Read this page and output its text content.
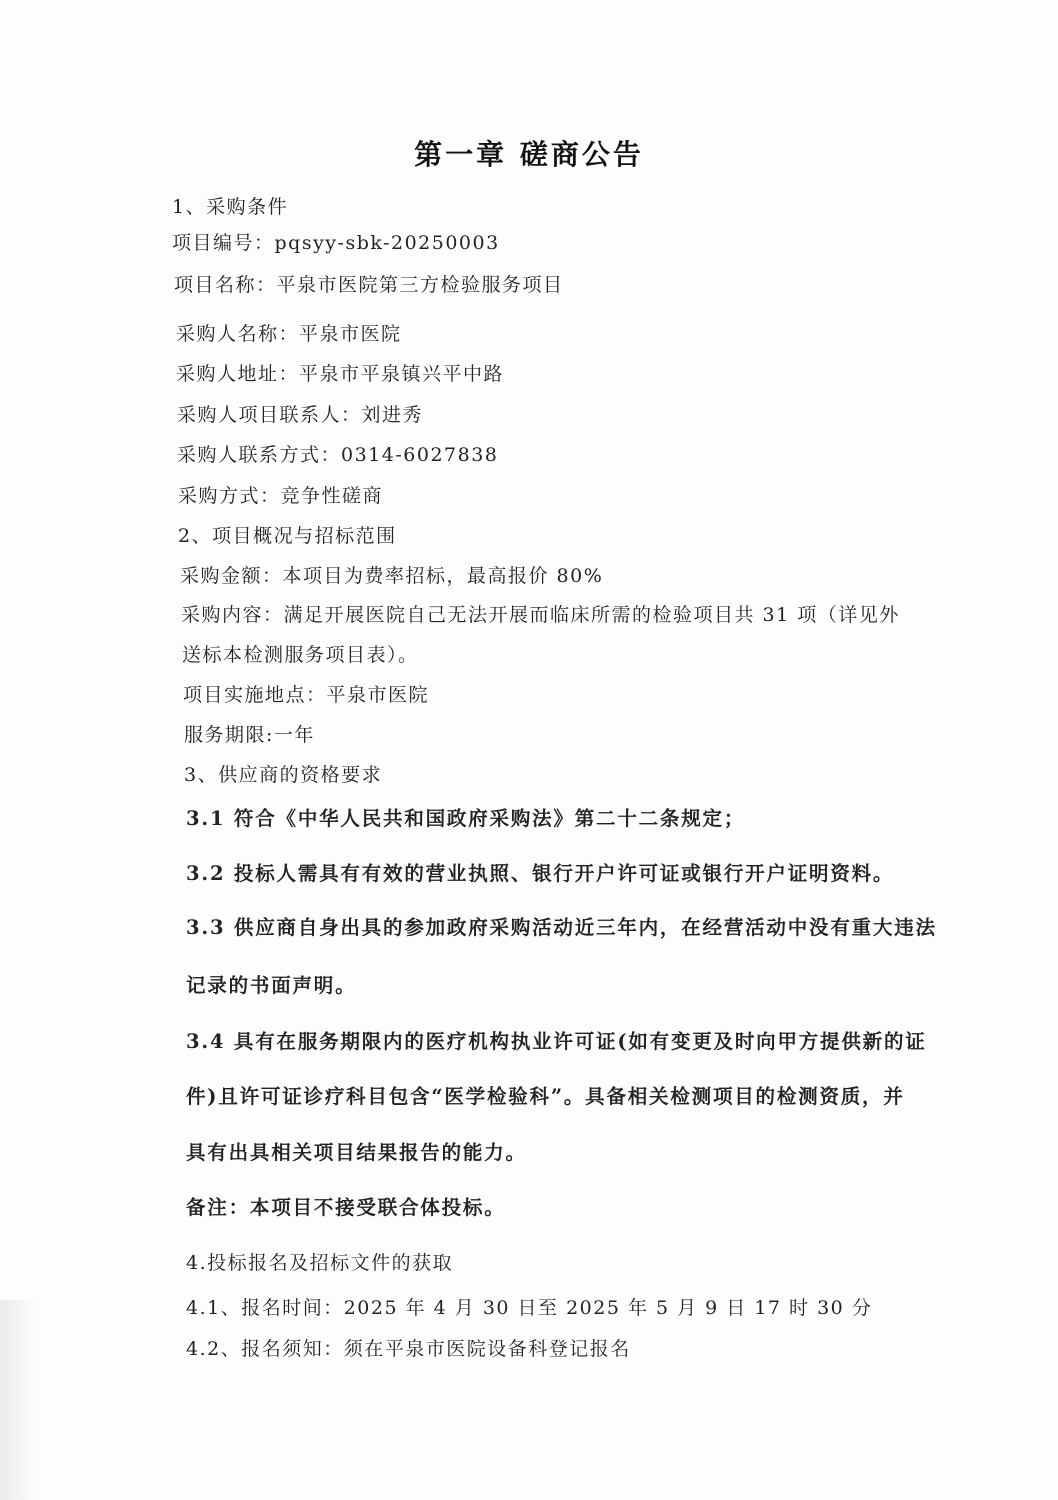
第一章 磋商公告
1、采购条件
项目编号：pqsyy-sbk-20250003
项目名称：平泉市医院第三方检验服务项目
采购人名称：平泉市医院
采购人地址：平泉市平泉镇兴平中路
采购人项目联系人：刘进秀
采购人联系方式：0314-6027838
采购方式：竞争性磋商
2、项目概况与招标范围
采购金额：本项目为费率招标，最高报价 80%
采购内容：满足开展医院自己无法开展而临床所需的检验项目共 31 项（详见外
送标本检测服务项目表）。
项目实施地点：平泉市医院
服务期限:一年
3、供应商的资格要求
3.1 符合《中华人民共和国政府采购法》第二十二条规定；
3.2 投标人需具有有效的营业执照、银行开户许可证或银行开户证明资料。
3.3 供应商自身出具的参加政府采购活动近三年内，在经营活动中没有重大违法
记录的书面声明。
3.4 具有在服务期限内的医疗机构执业许可证(如有变更及时向甲方提供新的证
件)且许可证诊疗科目包含“医学检验科”。具备相关检测项目的检测资质，并
具有出具相关项目结果报告的能力。
备注：本项目不接受联合体投标。
4.投标报名及招标文件的获取
4.1、报名时间：2025 年 4 月 30 日至 2025 年 5 月 9 日 17 时 30 分
4.2、报名须知：须在平泉市医院设备科登记报名
